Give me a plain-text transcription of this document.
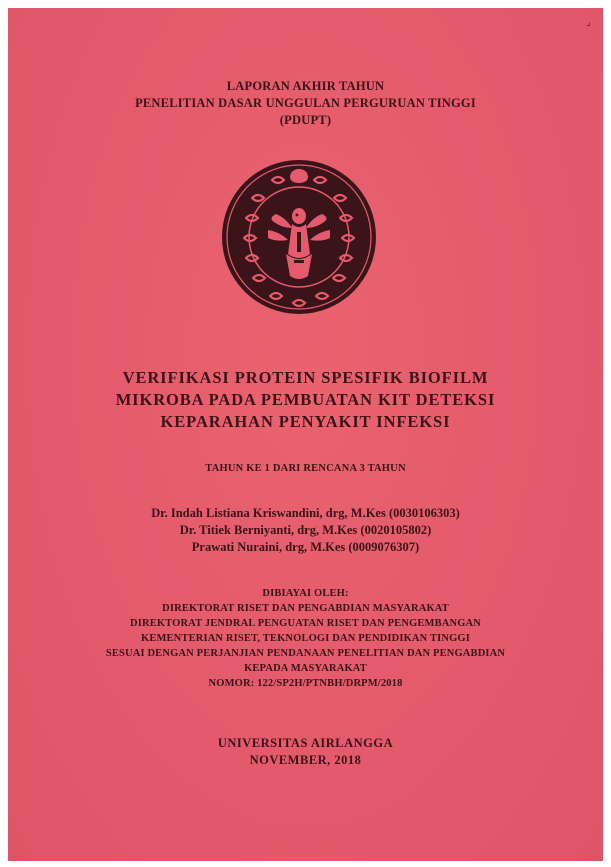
⌟
LAPORAN AKHIR TAHUN
PENELITIAN DASAR UNGGULAN PERGURUAN TINGGI
(PDUPT)
VERIFIKASI PROTEIN SPESIFIK BIOFILM
MIKROBA PADA PEMBUATAN KIT DETEKSI
KEPARAHAN PENYAKIT INFEKSI
TAHUN KE 1 DARI RENCANA 3 TAHUN
Dr. Indah Listiana Kriswandini, drg, M.Kes (0030106303)
Dr. Titiek Berniyanti, drg, M.Kes (0020105802)
Prawati Nuraini, drg, M.Kes (0009076307)
DIBIAYAI OLEH:
DIREKTORAT RISET DAN PENGABDIAN MASYARAKAT
DIREKTORAT JENDRAL PENGUATAN RISET DAN PENGEMBANGAN
KEMENTERIAN RISET, TEKNOLOGI DAN PENDIDIKAN TINGGI
SESUAI DENGAN PERJANJIAN PENDANAAN PENELITIAN DAN PENGABDIAN
KEPADA MASYARAKAT
NOMOR: 122/SP2H/PTNBH/DRPM/2018
UNIVERSITAS AIRLANGGA
NOVEMBER, 2018
